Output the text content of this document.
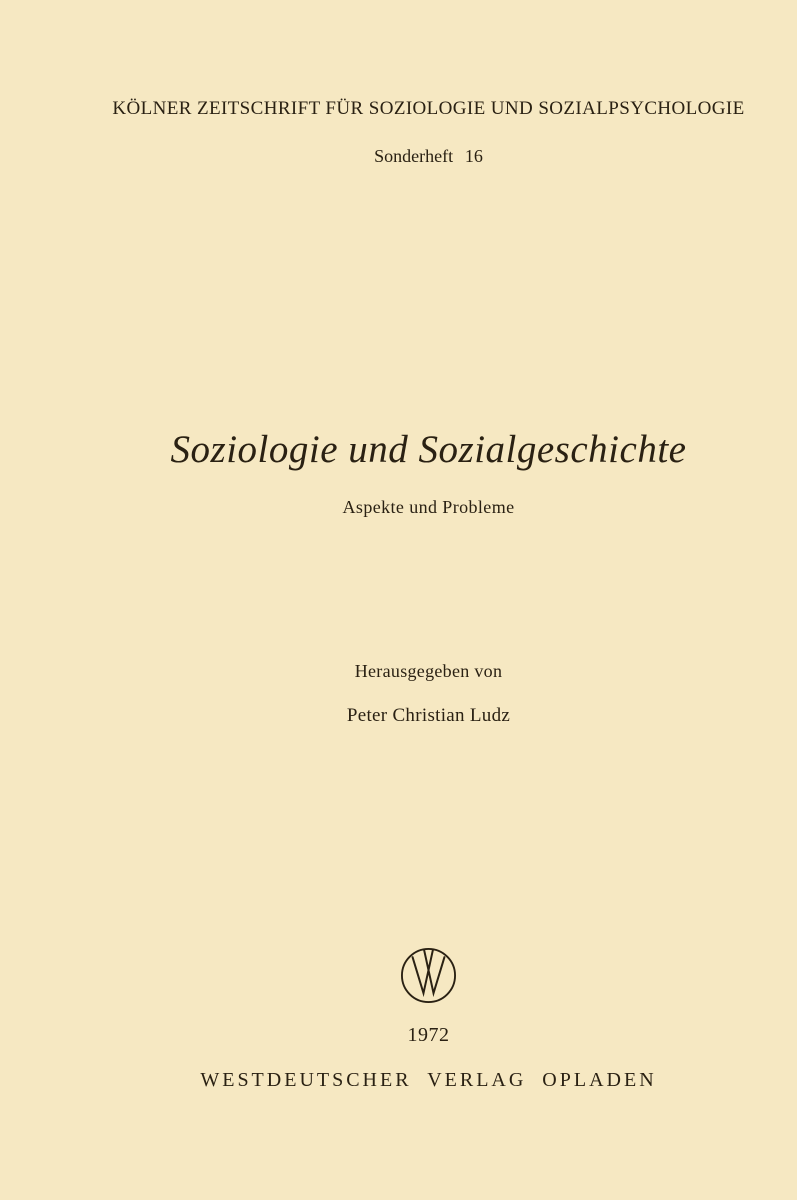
KÖLNER ZEITSCHRIFT FÜR SOZIOLOGIE UND SOZIALPSYCHOLOGIE
Sonderheft 16
Soziologie und Sozialgeschichte
Aspekte und Probleme
Herausgegeben von
Peter Christian Ludz
1972
WESTDEUTSCHER VERLAG OPLADEN
